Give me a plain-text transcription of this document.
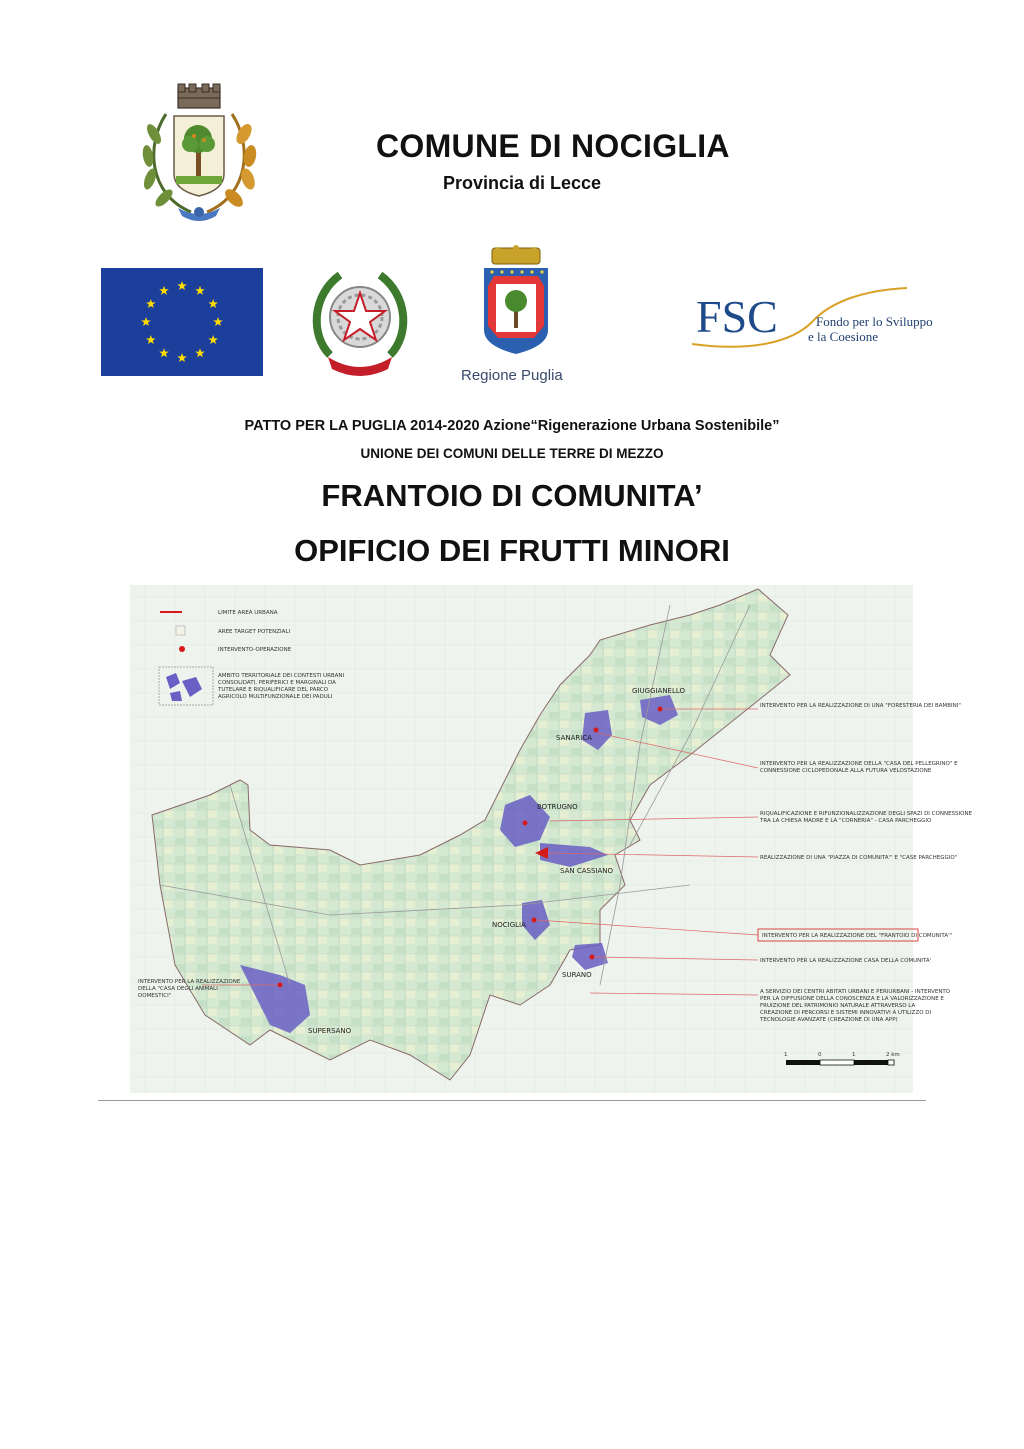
COMUNE DI NOCIGLIA
Provincia di Lecce
Regione Puglia
FSC	Fondo per lo Sviluppo
e la Coesione
PATTO PER LA PUGLIA 2014-2020 Azione“Rigenerazione Urbana Sostenibile”
UNIONE DEI COMUNI DELLE TERRE DI MEZZO
FRANTOIO DI COMUNITA’
OPIFICIO DEI FRUTTI MINORI
LIMITE AREA URBANA
AREE TARGET POTENZIALI
INTERVENTO-OPERAZIONE
AMBITO TERRITORIALE DEI CONTESTI URBANI
CONSOLIDATI, PERIFERICI E MARGINALI DA
TUTELARE E RIQUALIFICARE DEL PARCO
AGRICOLO MULTIFUNZIONALE DEI PADULI
GIUGGIANELLO
SANARICA
BOTRUGNO
SAN CASSIANO
NOCIGLIA
SURANO
SUPERSANO
INTERVENTO PER LA REALIZZAZIONE DI UNA "FORESTERIA DEI BAMBINI"
INTERVENTO PER LA REALIZZAZIONE DELLA "CASA DEL PELLEGRINO" E
CONNESSIONE CICLOPEDONALE ALLA FUTURA VELOSTAZIONE
RIQUALIFICAZIONE E RIFUNZIONALIZZAZIONE DEGLI SPAZI DI CONNESSIONE
TRA LA CHIESA MADRE E LA "CORNERIA" - CASA PARCHEGGIO
REALIZZAZIONE DI UNA "PIAZZA DI COMUNITA'" E "CASE PARCHEGGIO"
INTERVENTO PER LA REALIZZAZIONE DEL "FRANTOIO DI COMUNITA'"
INTERVENTO PER LA REALIZZAZIONE CASA DELLA COMUNITA'
A SERVIZIO DEI CENTRI ABITATI URBANI E PERIURBANI - INTERVENTO
PER LA DIFFUSIONE DELLA CONOSCENZA E LA VALORIZZAZIONE E
FRUIZIONE DEL PATRIMONIO NATURALE ATTRAVERSO LA
CREAZIONE DI PERCORSI E SISTEMI INNOVATIVI A UTILIZZO DI
TECNOLOGIE AVANZATE (CREAZIONE DI UNA APP)
INTERVENTO PER LA REALIZZAZIONE
DELLA "CASA DEGLI ANIMALI
DOMESTICI"
1	0	1	2 km
